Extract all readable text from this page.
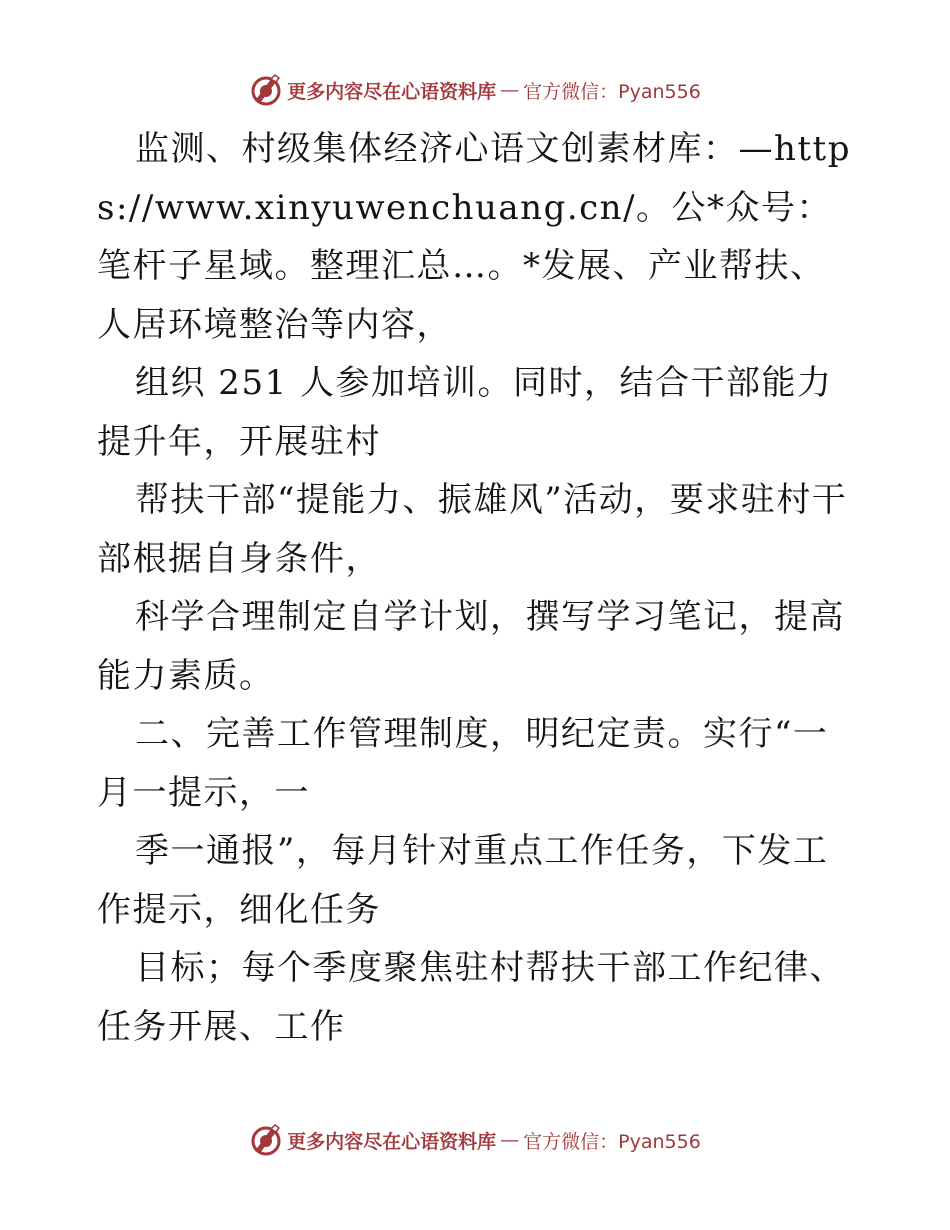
更多内容尽在心语资料库 — 官方微信：Pyan556

监测、村级集体经济心语文创素材库：—https://www.xinyuwenchuang.cn/。公*众号：笔杆子星域。整理汇总…。*发展、产业帮扶、人居环境整治等内容，

组织 251 人参加培训。同时，结合干部能力提升年，开展驻村

帮扶干部“提能力、振雄风”活动，要求驻村干部根据自身条件，

科学合理制定自学计划，撰写学习笔记，提高能力素质。

二、完善工作管理制度，明纪定责。实行“一月一提示，一

季一通报”，每月针对重点工作任务，下发工作提示，细化任务

目标；每个季度聚焦驻村帮扶干部工作纪律、任务开展、工作

更多内容尽在心语资料库 — 官方微信：Pyan556
